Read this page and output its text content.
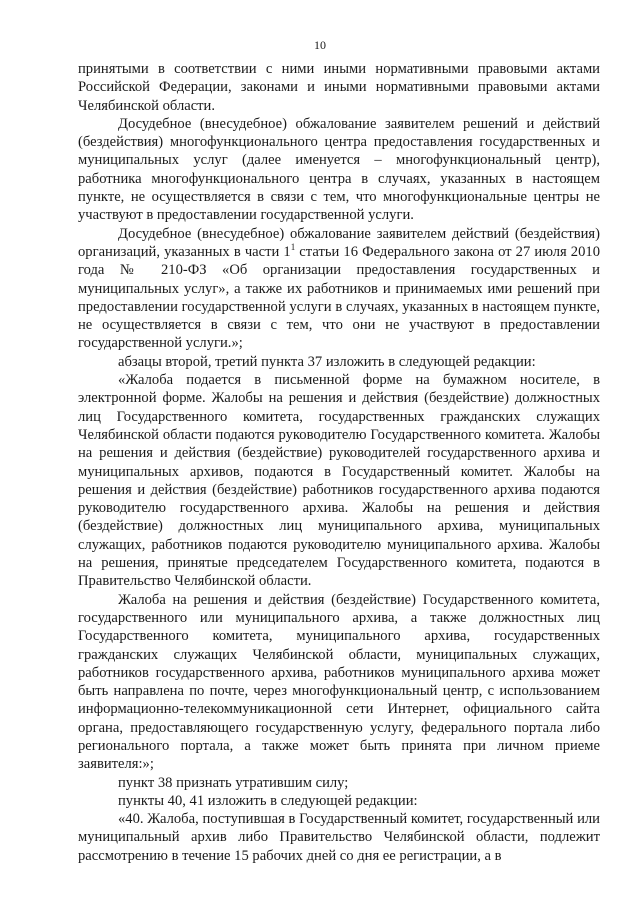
10

принятыми в соответствии с ними иными нормативными правовыми актами Российской Федерации, законами и иными нормативными правовыми актами Челябинской области.

Досудебное (внесудебное) обжалование заявителем решений и действий (бездействия) многофункционального центра предоставления государственных и муниципальных услуг (далее именуется – многофункциональный центр), работника многофункционального центра в случаях, указанных в настоящем пункте, не осуществляется в связи с тем, что многофункциональные центры не участвуют в предоставлении государственной услуги.

Досудебное (внесудебное) обжалование заявителем действий (бездействия) организаций, указанных в части $1^1$ статьи 16 Федерального закона от 27 июля 2010 года № 210-ФЗ «Об организации предоставления государственных и муниципальных услуг», а также их работников и принимаемых ими решений при предоставлении государственной услуги в случаях, указанных в настоящем пункте, не осуществляется в связи с тем, что они не участвуют в предоставлении государственной услуги.»;

абзацы второй, третий пункта 37 изложить в следующей редакции:

«Жалоба подается в письменной форме на бумажном носителе, в электронной форме. Жалобы на решения и действия (бездействие) должностных лиц Государственного комитета, государственных гражданских служащих Челябинской области подаются руководителю Государственного комитета. Жалобы на решения и действия (бездействие) руководителей государственного архива и муниципальных архивов, подаются в Государственный комитет. Жалобы на решения и действия (бездействие) работников государственного архива подаются руководителю государственного архива. Жалобы на решения и действия (бездействие) должностных лиц муниципального архива, муниципальных служащих, работников подаются руководителю муниципального архива. Жалобы на решения, принятые председателем Государственного комитета, подаются в Правительство Челябинской области.

Жалоба на решения и действия (бездействие) Государственного комитета, государственного или муниципального архива, а также должностных лиц Государственного комитета, муниципального архива, государственных гражданских служащих Челябинской области, муниципальных служащих, работников государственного архива, работников муниципального архива может быть направлена по почте, через многофункциональный центр, с использованием информационно-телекоммуникационной сети Интернет, официального сайта органа, предоставляющего государственную услугу, федерального портала либо регионального портала, а также может быть принята при личном приеме заявителя:»;

пункт 38 признать утратившим силу;

пункты 40, 41 изложить в следующей редакции:

«40. Жалоба, поступившая в Государственный комитет, государственный или муниципальный архив либо Правительство Челябинской области, подлежит рассмотрению в течение 15 рабочих дней со дня ее регистрации, а в
